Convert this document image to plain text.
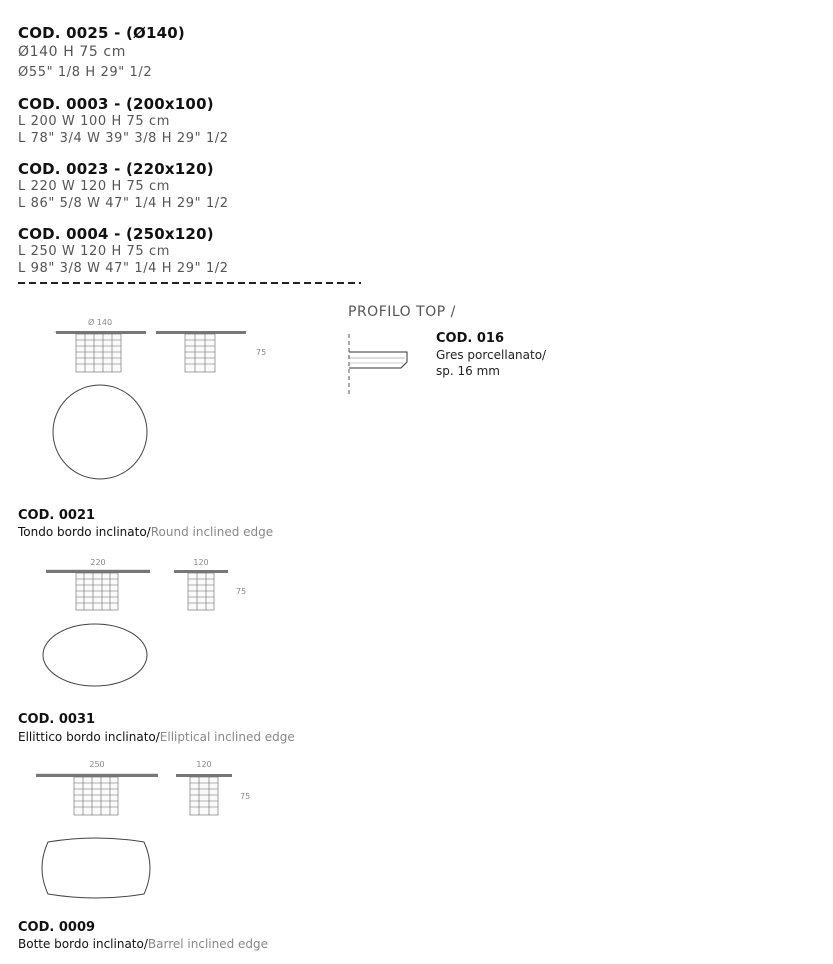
COD. 0025 - (Ø140)
Ø140 H 75 cm
Ø55" 1/8 H 29" 1/2
COD. 0003 - (200x100)
L 200 W 100 H 75 cm
L 78" 3/4 W 39" 3/8 H 29" 1/2
COD. 0023 - (220x120)
L 220 W 120 H 75 cm
L 86" 5/8 W 47" 1/4 H 29" 1/2
COD. 0004 - (250x120)
L 250 W 120 H 75 cm
L 98" 3/8 W 47" 1/4 H 29" 1/2
PROFILO TOP /
COD. 016
Gres porcellanato/
sp. 16 mm
Ø 140
75
COD. 0021
Tondo bordo inclinato/Round inclined edge
220	120
75
COD. 0031
Ellittico bordo inclinato/Elliptical inclined edge
250	120
75
COD. 0009
Botte bordo inclinato/Barrel inclined edge
